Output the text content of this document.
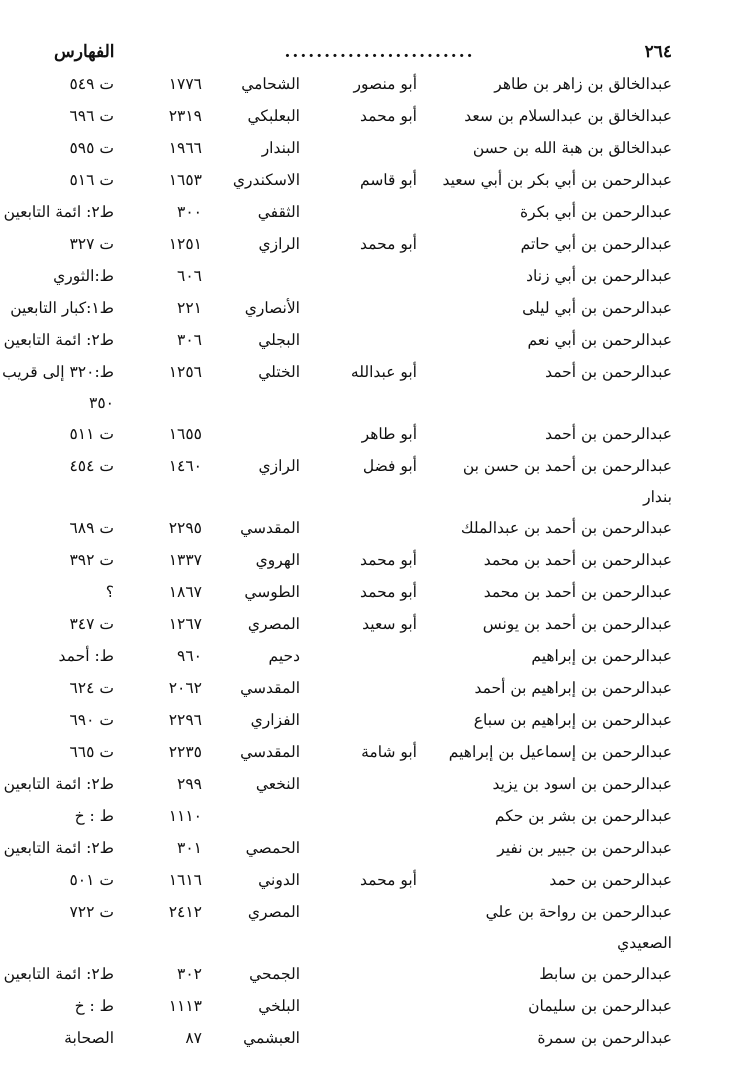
٢٦٤
........................
الفهارس
عبدالخالق بن زاهر بن طاهر
أبو منصور
الشحامي
١٧٧٦
ت ٥٤٩
عبدالخالق بن عبدالسلام بن سعد
أبو محمد
البعلبكي
٢٣١٩
ت ٦٩٦
عبدالخالق بن هبة الله بن حسن
البندار
١٩٦٦
ت ٥٩٥
عبدالرحمن بن أبي بكر بن أبي سعيد
أبو قاسم
الاسكندري
١٦٥٣
ت ٥١٦
عبدالرحمن بن أبي بكرة
الثقفي
٣٠٠
ط٢: ائمة التابعين
عبدالرحمن بن أبي حاتم
أبو محمد
الرازي
١٢٥١
ت ٣٢٧
عبدالرحمن بن أبي زناد
٦٠٦
ط:الثوري
عبدالرحمن بن أبي ليلى
الأنصاري
٢٢١
ط١:كبار التابعين
عبدالرحمن بن أبي نعم
البجلي
٣٠٦
ط٢: ائمة التابعين
عبدالرحمن بن أحمد
أبو عبدالله
الختلي
١٢٥٦
ط:٣٢٠ إلى قريب
٣٥٠
عبدالرحمن بن أحمد
أبو طاهر
١٦٥٥
ت ٥١١
عبدالرحمن بن أحمد بن حسن بن
أبو فضل
الرازي
١٤٦٠
ت ٤٥٤
بندار
عبدالرحمن بن أحمد بن عبدالملك
المقدسي
٢٢٩٥
ت ٦٨٩
عبدالرحمن بن أحمد بن محمد
أبو محمد
الهروي
١٣٣٧
ت ٣٩٢
عبدالرحمن بن أحمد بن محمد
أبو محمد
الطوسي
١٨٦٧
؟
عبدالرحمن بن أحمد بن يونس
أبو سعيد
المصري
١٢٦٧
ت ٣٤٧
عبدالرحمن بن إبراهيم
دحيم
٩٦٠
ط: أحمد
عبدالرحمن بن إبراهيم بن أحمد
المقدسي
٢٠٦٢
ت ٦٢٤
عبدالرحمن بن إبراهيم بن سباع
الفزاري
٢٢٩٦
ت ٦٩٠
عبدالرحمن بن إسماعيل بن إبراهيم
أبو شامة
المقدسي
٢٢٣٥
ت ٦٦٥
عبدالرحمن بن اسود بن يزيد
النخعي
٢٩٩
ط٢: ائمة التابعين
عبدالرحمن بن بشر بن حكم
١١١٠
ط : خ
عبدالرحمن بن جبير بن نفير
الحمصي
٣٠١
ط٢: ائمة التابعين
عبدالرحمن بن حمد
أبو محمد
الدوني
١٦١٦
ت ٥٠١
عبدالرحمن بن رواحة بن علي
المصري
٢٤١٢
ت ٧٢٢
الصعيدي
عبدالرحمن بن سابط
الجمحي
٣٠٢
ط٢: ائمة التابعين
عبدالرحمن بن سليمان
البلخي
١١١٣
ط : خ
عبدالرحمن بن سمرة
العبشمي
٨٧
الصحابة
